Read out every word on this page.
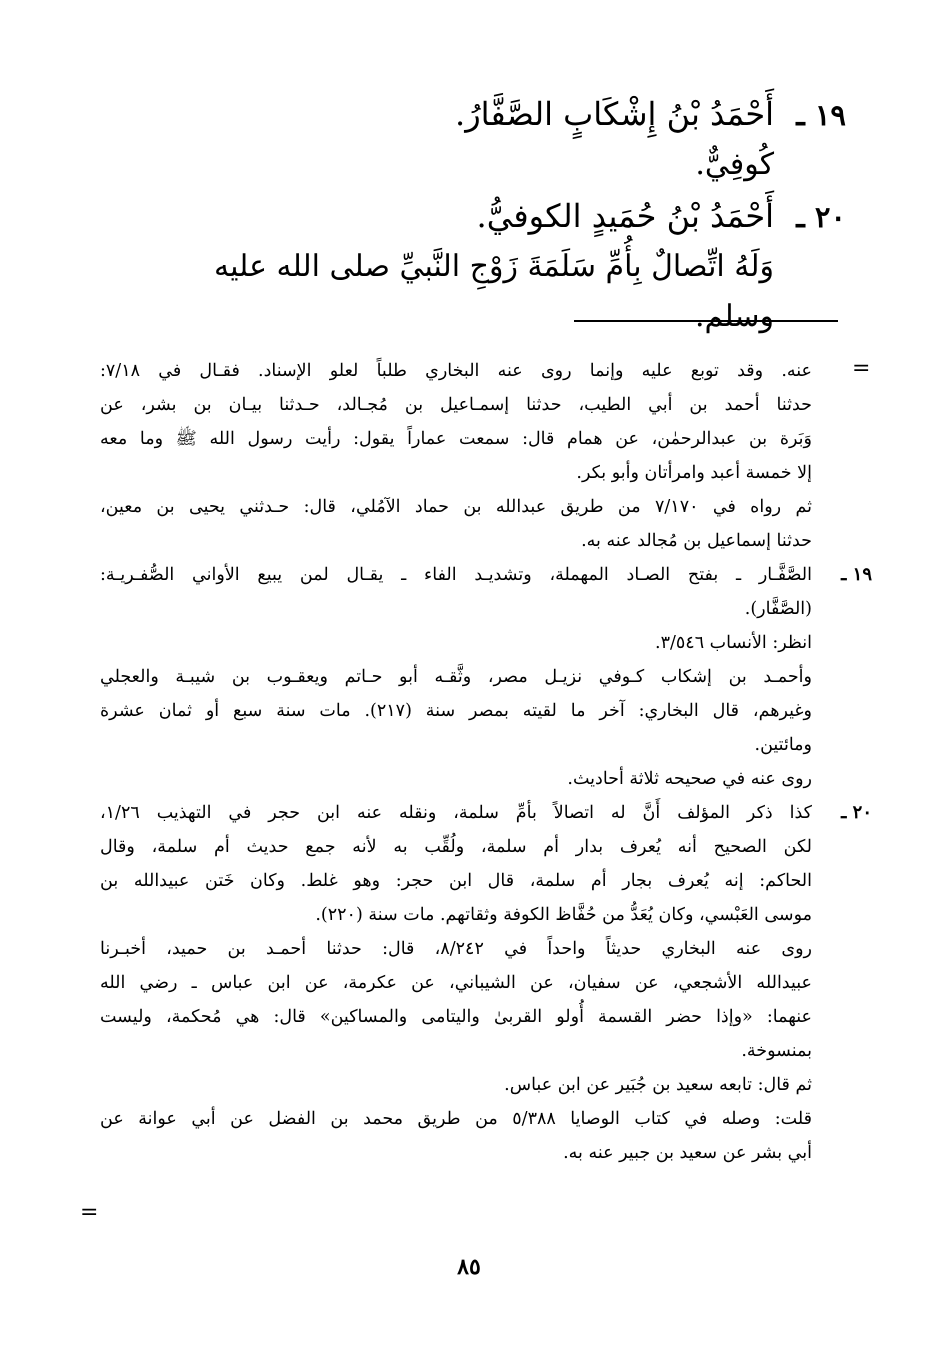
١٩ ـ
أَحْمَدُ بْنُ إِشْكَابٍ الصَّفَّارُ.
كُوفِيٌّ.
٢٠ ـ
أَحْمَدُ بْنُ حُمَيدٍ الكوفيُّ.
وَلَهُ اتِّصالٌ بِأُمِّ سَلَمَةَ زَوْجِ النَّبيِّ صلى الله عليه وسلم.
=
عنه. وقد توبع عليه وإنما روى عنه البخاري طلباً لعلو الإسناد. فقـال في ٧/١٨:
حدثنا أحمد بن أبي الطيب، حدثنا إسمـاعيل بن مُجـالد، حـدثنا بيـان بن بشر، عن
وَبَرة بن عبدالرحمٰن، عن همام قال: سمعت عماراً يقول: رأيت رسول الله ﷺ وما معه
إلا خمسة أعبد وامرأتان وأبو بكر.
ثم رواه في ٧/١٧٠ من طريق عبدالله بن حماد الآمُلي، قال: حـدثني يحيى بن معين،
حدثنا إسماعيل بن مُجالد عنه به.
١٩ ـ
الصَّفَّـار ـ بفتح الصـاد المهملة، وتشديـد الفاء ـ يقـال لمن يبيع الأواني الصُّفـريـة:
(الصَّفَّار).
انظر: الأنساب ٣/٥٤٦.
وأحمـد بن إشكاب كـوفي نزيـل مصر، وثَّقـه أبو حـاتم ويعقـوب بن شيبـة والعجلي
وغيرهم، قال البخاري: آخر ما لقيته بمصر سنة (٢١٧). مات سنة سبع أو ثمان عشرة
ومائتين.
روى عنه في صحيحه ثلاثة أحاديث.
٢٠ ـ
كذا ذكر المؤلف أَنَّ له اتصالاً بأمِّ سلمة، ونقله عنه ابن حجر في التهذيب ١/٢٦،
لكن الصحيح أنه يُعرف بدار أم سلمة، ولُقِّب به لأنه جمع حديث أم سلمة، وقال
الحاكم: إنه يُعرف بجار أم سلمة، قال ابن حجر: وهو غلط. وكان خَتن عبيدالله بن
موسى العَبْسي، وكان يُعَدُّ من حُفَّاظ الكوفة وثقاتهم. مات سنة (٢٢٠).
روى عنه البخاري حديثاً واحداً في ٨/٢٤٢، قال: حدثنا أحمـد بن حميد، أخبـرنا
عبيدالله الأشجعي، عن سفيان، عن الشيباني، عن عكرمة، عن ابن عباس ـ رضي الله
عنهما: «وإذا حضر القسمة أُولو القربىٰ واليتامى والمساكين» قال: هي مُحكمة، وليست
بمنسوخة.
ثم قال: تابعه سعيد بن جُبَير عن ابن عباس.
قلت: وصله في كتاب الوصايا ٥/٣٨٨ من طريق محمد بن الفضل عن أبي عوانة عن
أبي بشر عن سعيد بن جبير عنه به.
=
٨٥
